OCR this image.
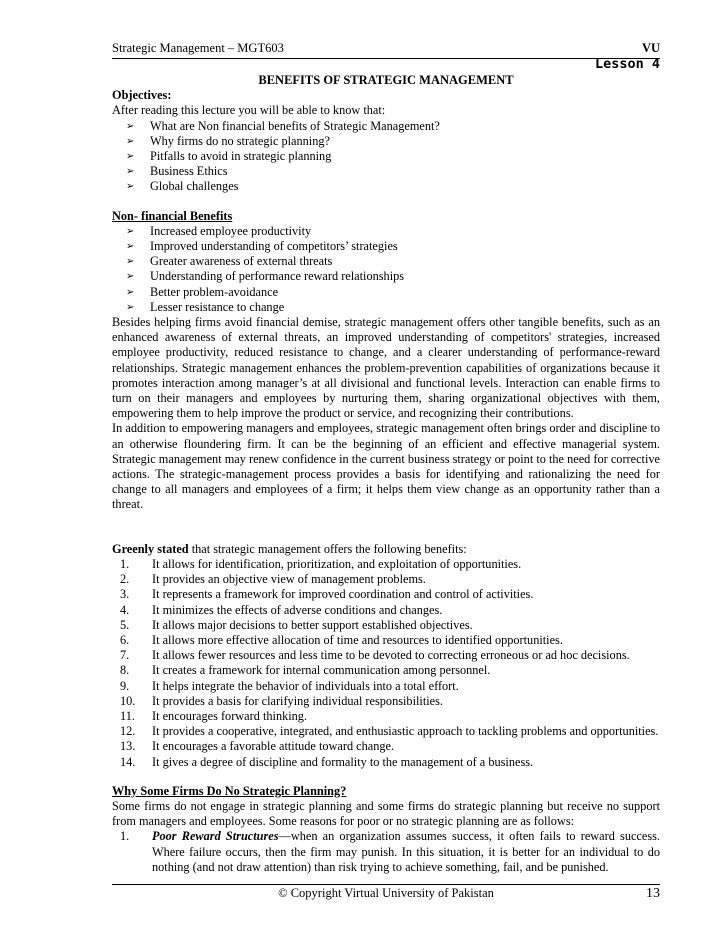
Strategic Management – MGT603	VU
Lesson 4
BENEFITS OF STRATEGIC MANAGEMENT
Objectives:
After reading this lecture you will be able to know that:
➢ What are Non financial benefits of Strategic Management?
➢ Why firms do no strategic planning?
➢ Pitfalls to avoid in strategic planning
➢ Business Ethics
➢ Global challenges
Non- financial Benefits
➢ Increased employee productivity
➢ Improved understanding of competitors’ strategies
➢ Greater awareness of external threats
➢ Understanding of performance reward relationships
➢ Better problem-avoidance
➢ Lesser resistance to change

Besides helping firms avoid financial demise, strategic management offers other tangible benefits, such as an enhanced awareness of external threats, an improved understanding of competitors' strategies, increased employee productivity, reduced resistance to change, and a clearer understanding of performance-reward relationships. Strategic management enhances the problem-prevention capabilities of organizations because it promotes interaction among manager’s at all divisional and functional levels. Interaction can enable firms to turn on their managers and employees by nurturing them, sharing organizational objectives with them, empowering them to help improve the product or service, and recognizing their contributions.

In addition to empowering managers and employees, strategic management often brings order and discipline to an otherwise floundering firm. It can be the beginning of an efficient and effective managerial system. Strategic management may renew confidence in the current business strategy or point to the need for corrective actions. The strategic-management process provides a basis for identifying and rationalizing the need for change to all managers and employees of a firm; it helps them view change as an opportunity rather than a threat.

Greenly stated that strategic management offers the following benefits:
1.	It allows for identification, prioritization, and exploitation of opportunities.
2.	It provides an objective view of management problems.
3.	It represents a framework for improved coordination and control of activities.
4.	It minimizes the effects of adverse conditions and changes.
5.	It allows major decisions to better support established objectives.
6.	It allows more effective allocation of time and resources to identified opportunities.
7.	It allows fewer resources and less time to be devoted to correcting erroneous or ad hoc decisions.
8.	It creates a framework for internal communication among personnel.
9.	It helps integrate the behavior of individuals into a total effort.
10.	It provides a basis for clarifying individual responsibilities.
11.	It encourages forward thinking.
12.	It provides a cooperative, integrated, and enthusiastic approach to tackling problems and opportunities.
13.	It encourages a favorable attitude toward change.
14.	It gives a degree of discipline and formality to the management of a business.
Why Some Firms Do No Strategic Planning?

Some firms do not engage in strategic planning and some firms do strategic planning but receive no support from managers and employees. Some reasons for poor or no strategic planning are as follows:

1.	Poor Reward Structures—when an organization assumes success, it often fails to reward success. Where failure occurs, then the firm may punish. In this situation, it is better for an individual to do nothing (and not draw attention) than risk trying to achieve something, fail, and be punished.
© Copyright Virtual University of Pakistan	13
